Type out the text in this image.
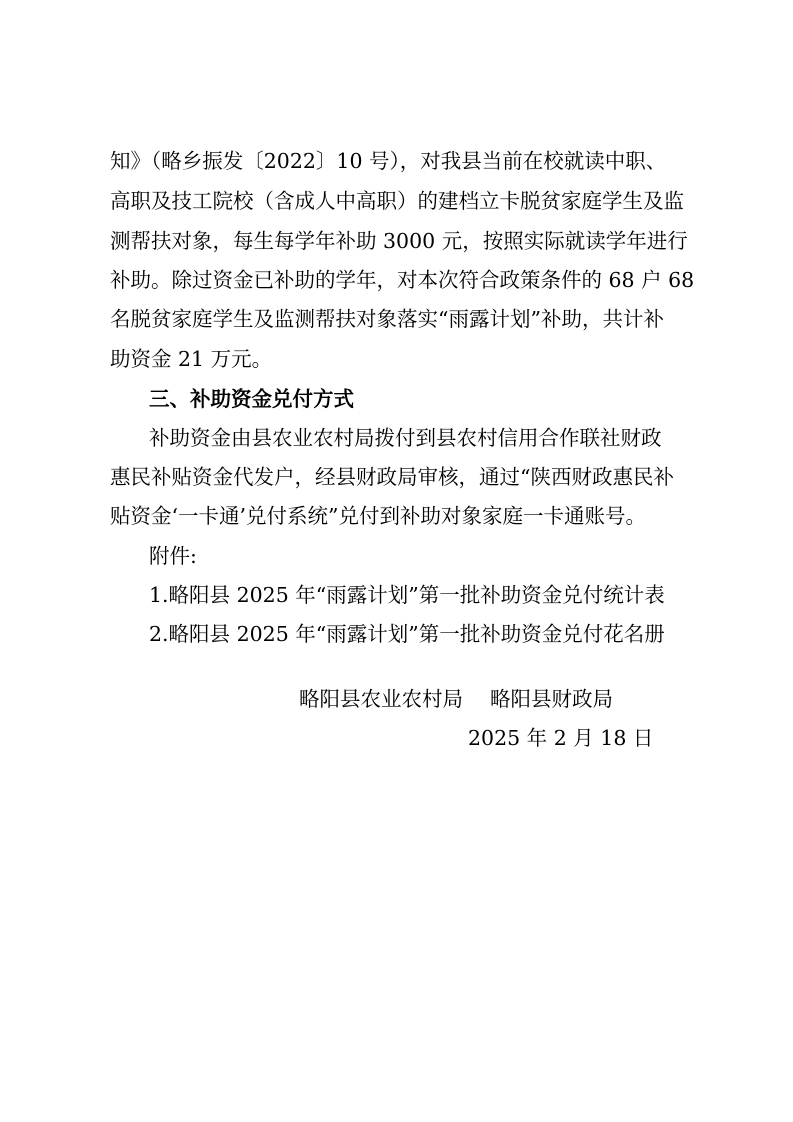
知》（略乡振发〔2022〕10 号），对我县当前在校就读中职、
高职及技工院校（含成人中高职）的建档立卡脱贫家庭学生及监
测帮扶对象，每生每学年补助 3000 元，按照实际就读学年进行
补助。除过资金已补助的学年，对本次符合政策条件的 68 户 68
名脱贫家庭学生及监测帮扶对象落实“雨露计划”补助，共计补
助资金 21 万元。
三、补助资金兑付方式
补助资金由县农业农村局拨付到县农村信用合作联社财政
惠民补贴资金代发户，经县财政局审核，通过“陕西财政惠民补
贴资金‘一卡通’兑付系统”兑付到补助对象家庭一卡通账号。
附件:
1.略阳县 2025 年“雨露计划”第一批补助资金兑付统计表
2.略阳县 2025 年“雨露计划”第一批补助资金兑付花名册
略阳县农业农村局　 略阳县财政局
2025 年 2 月 18 日
